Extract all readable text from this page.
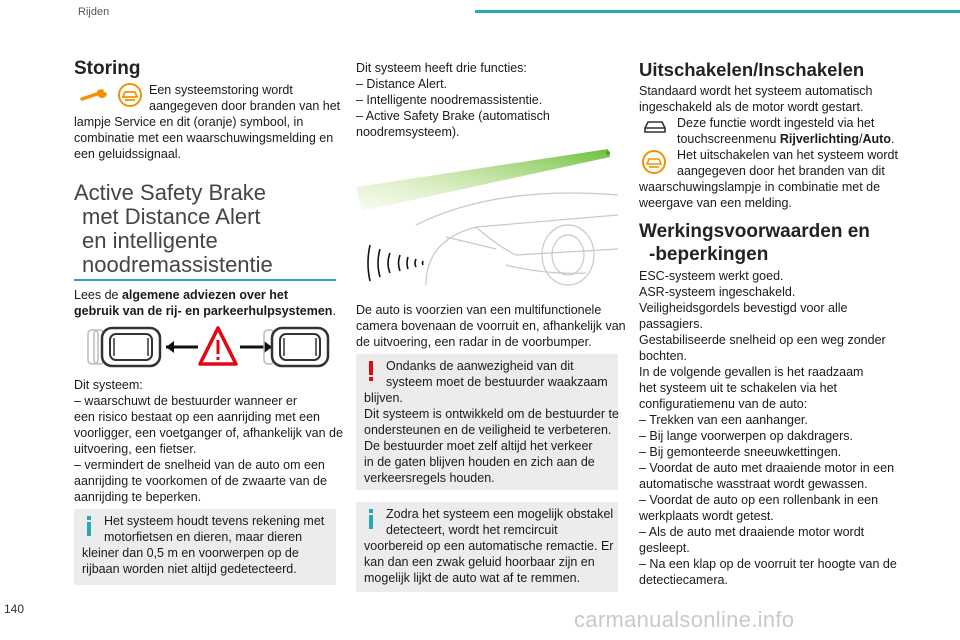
Rijden
140	carmanualsonline.info
Storing
Een systeemstoring wordt
aangegeven door branden van het
lampje Service en dit (oranje) symbool, in
combinatie met een waarschuwingsmelding en
een geluidssignaal.
Active Safety Brake
met Distance Alert
en intelligente
noodremassistentie
Lees de algemene adviezen over het gebruik van de rij- en parkeerhulpsystemen.
Dit systeem:
– waarschuwt de bestuurder wanneer er
een risico bestaat op een aanrijding met een
voorligger, een voetganger of, afhankelijk van de
uitvoering, een fietser.
– vermindert de snelheid van de auto om een
aanrijding te voorkomen of de zwaarte van de
aanrijding te beperken.
Het systeem houdt tevens rekening met
motorfietsen en dieren, maar dieren
kleiner dan 0,5 m en voorwerpen op de
rijbaan worden niet altijd gedetecteerd.
Dit systeem heeft drie functies:
– Distance Alert.
– Intelligente noodremassistentie.
– Active Safety Brake (automatisch
noodremsysteem).
De auto is voorzien van een multifunctionele
camera bovenaan de voorruit en, afhankelijk van
de uitvoering, een radar in de voorbumper.
Ondanks de aanwezigheid van dit
systeem moet de bestuurder waakzaam
blijven.
Dit systeem is ontwikkeld om de bestuurder te
ondersteunen en de veiligheid te verbeteren.
De bestuurder moet zelf altijd het verkeer
in de gaten blijven houden en zich aan de
verkeersregels houden.
Zodra het systeem een mogelijk obstakel
detecteert, wordt het remcircuit
voorbereid op een automatische remactie. Er
kan dan een zwak geluid hoorbaar zijn en
mogelijk lijkt de auto wat af te remmen.
Uitschakelen/Inschakelen
Standaard wordt het systeem automatisch
ingeschakeld als de motor wordt gestart.
Deze functie wordt ingesteld via het
touchscreenmenu Rijverlichting/Auto.
Het uitschakelen van het systeem wordt
aangegeven door het branden van dit
waarschuwingslampje in combinatie met de
weergave van een melding.
Werkingsvoorwaarden en
-beperkingen
ESC-systeem werkt goed.
ASR-systeem ingeschakeld.
Veiligheidsgordels bevestigd voor alle
passagiers.
Gestabiliseerde snelheid op een weg zonder
bochten.
In de volgende gevallen is het raadzaam
het systeem uit te schakelen via het
configuratiemenu van de auto:
– Trekken van een aanhanger.
– Bij lange voorwerpen op dakdragers.
– Bij gemonteerde sneeuwkettingen.
– Voordat de auto met draaiende motor in een
automatische wasstraat wordt gewassen.
– Voordat de auto op een rollenbank in een
werkplaats wordt getest.
– Als de auto met draaiende motor wordt
gesleept.
– Na een klap op de voorruit ter hoogte van de
detectiecamera.
